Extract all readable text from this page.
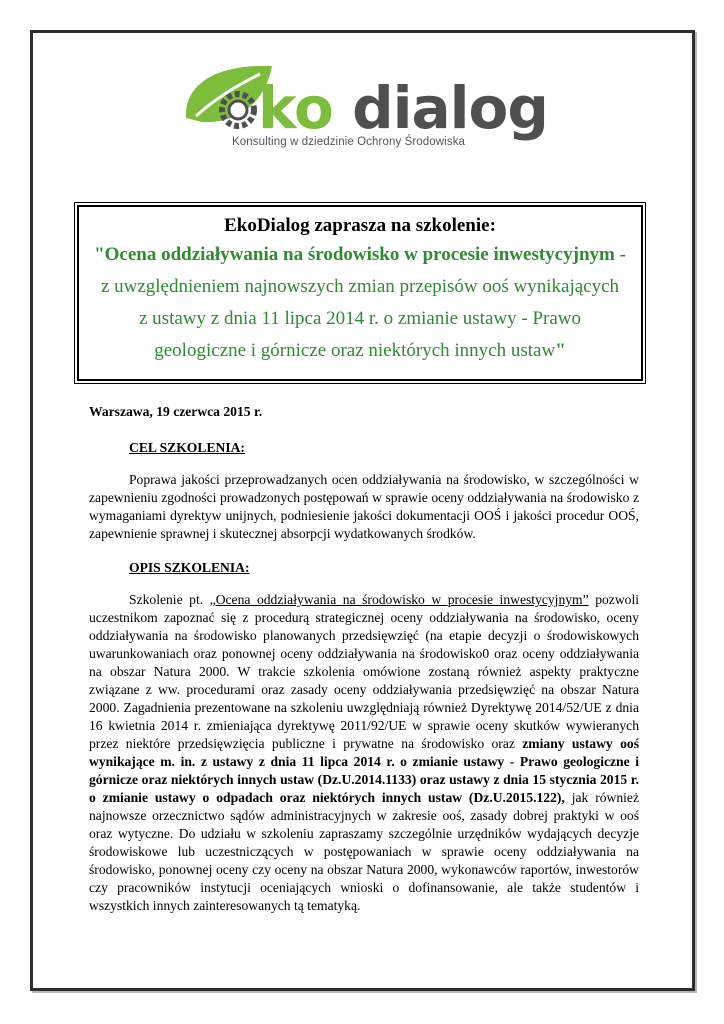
e ko dialog
Konsulting w dziedzinie Ochrony Środowiska
EkoDialog zaprasza na szkolenie:
"Ocena oddziaływania na środowisko w procesie inwestycyjnym -
z uwzględnieniem najnowszych zmian przepisów ooś wynikających
z ustawy z dnia 11 lipca 2014 r. o zmianie ustawy - Prawo
geologiczne i górnicze oraz niektórych innych ustaw"
Warszawa, 19 czerwca 2015 r.
CEL SZKOLENIA:

Poprawa jakości przeprowadzanych ocen oddziaływania na środowisko, w szczególności w zapewnieniu zgodności prowadzonych postępowań w sprawie oceny oddziaływania na środowisko z wymaganiami dyrektyw unijnych, podniesienie jakości dokumentacji OOŚ i jakości procedur OOŚ, zapewnienie sprawnej i skutecznej absorpcji wydatkowanych środków.

OPIS SZKOLENIA:

Szkolenie pt. „Ocena oddziaływania na środowisko w procesie inwestycyjnym” pozwoli uczestnikom zapoznać się z procedurą strategicznej oceny oddziaływania na środowisko, oceny oddziaływania na środowisko planowanych przedsięwzięć (na etapie decyzji o środowiskowych uwarunkowaniach oraz ponownej oceny oddziaływania na środowisko0 oraz oceny oddziaływania na obszar Natura 2000. W trakcie szkolenia omówione zostaną również aspekty praktyczne związane z ww. procedurami oraz zasady oceny oddziaływania przedsięwzięć na obszar Natura 2000. Zagadnienia prezentowane na szkoleniu uwzględniają również Dyrektywę 2014/52/UE z dnia 16 kwietnia 2014 r. zmieniająca dyrektywę 2011/92/UE w sprawie oceny skutków wywieranych przez niektóre przedsięwzięcia publiczne i prywatne na środowisko oraz zmiany ustawy ooś wynikające m. in. z ustawy z dnia 11 lipca 2014 r. o zmianie ustawy - Prawo geologiczne i górnicze oraz niektórych innych ustaw (Dz.U.2014.1133) oraz ustawy z dnia 15 stycznia 2015 r. o zmianie ustawy o odpadach oraz niektórych innych ustaw (Dz.U.2015.122), jak również najnowsze orzecznictwo sądów administracyjnych w zakresie ooś, zasady dobrej praktyki w ooś oraz wytyczne. Do udziału w szkoleniu zapraszamy szczególnie urzędników wydających decyzje środowiskowe lub uczestniczących w postępowaniach w sprawie oceny oddziaływania na środowisko, ponownej oceny czy oceny na obszar Natura 2000, wykonawców raportów, inwestorów czy pracowników instytucji oceniających wnioski o dofinansowanie, ale także studentów i wszystkich innych zainteresowanych tą tematyką.
